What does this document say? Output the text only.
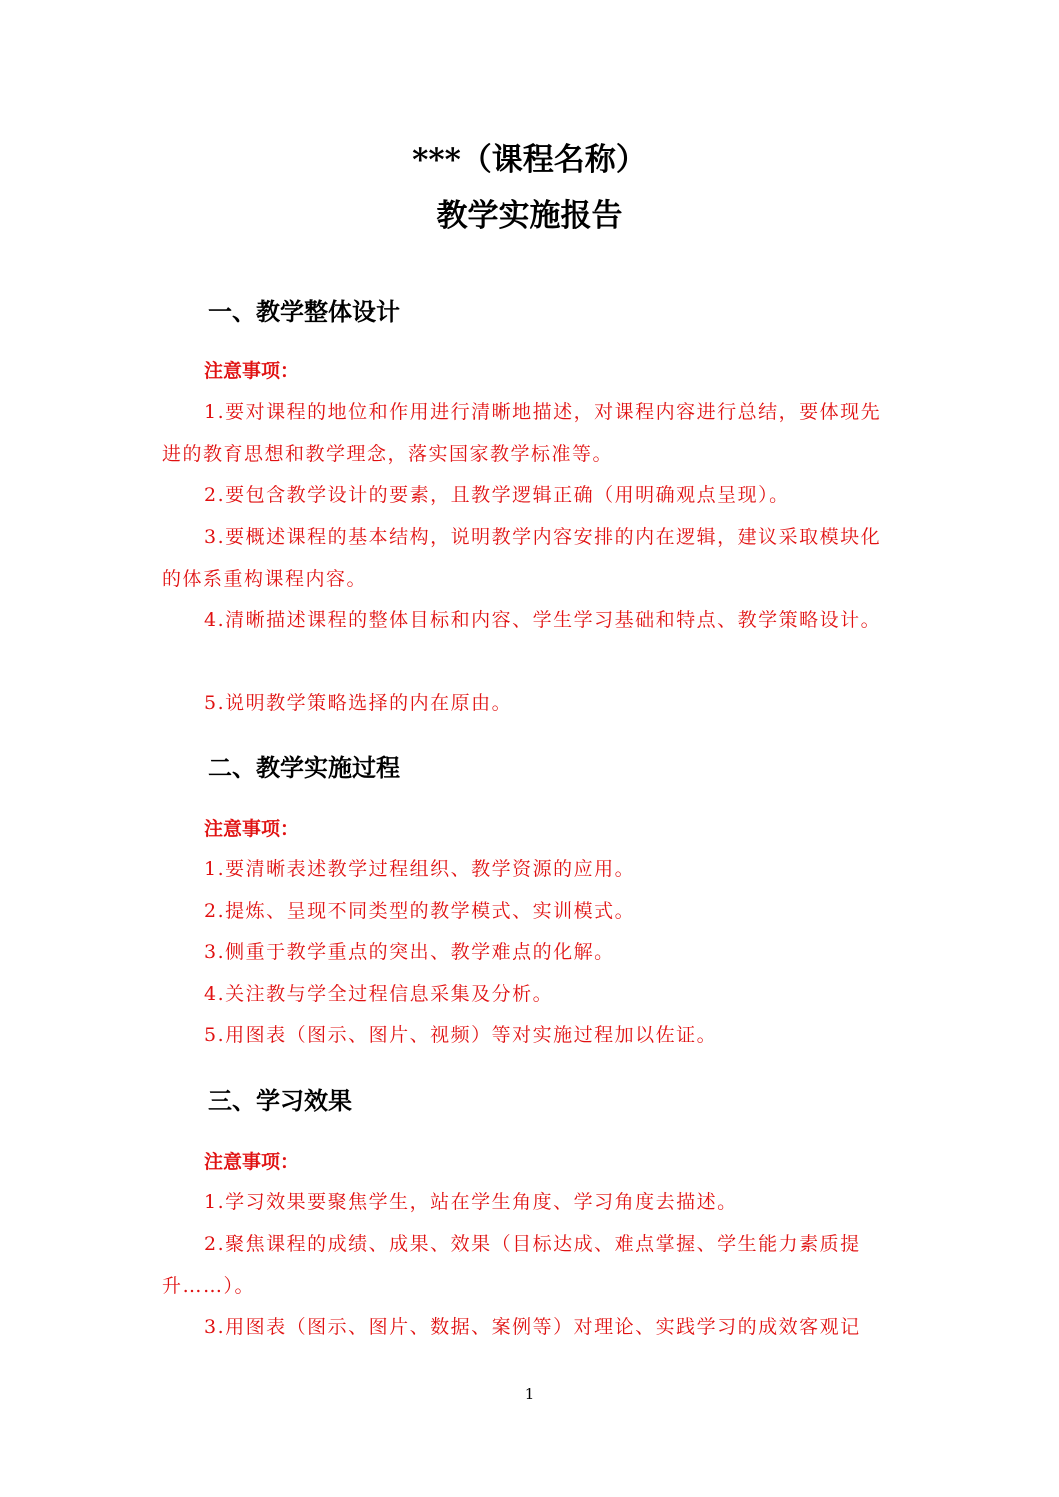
***（课程名称）
教学实施报告
一、教学整体设计
注意事项：
1.要对课程的地位和作用进行清晰地描述，对课程内容进行总结，要体现先进的教育思想和教学理念，落实国家教学标准等。
2.要包含教学设计的要素，且教学逻辑正确（用明确观点呈现）。
3.要概述课程的基本结构，说明教学内容安排的内在逻辑，建议采取模块化的体系重构课程内容。
4.清晰描述课程的整体目标和内容、学生学习基础和特点、教学策略设计。
5.说明教学策略选择的内在原由。
二、教学实施过程
注意事项：
1.要清晰表述教学过程组织、教学资源的应用。
2.提炼、呈现不同类型的教学模式、实训模式。
3.侧重于教学重点的突出、教学难点的化解。
4.关注教与学全过程信息采集及分析。
5.用图表（图示、图片、视频）等对实施过程加以佐证。
三、学习效果
注意事项：
1.学习效果要聚焦学生，站在学生角度、学习角度去描述。
2.聚焦课程的成绩、成果、效果（目标达成、难点掌握、学生能力素质提升……）。
3.用图表（图示、图片、数据、案例等）对理论、实践学习的成效客观记
1
